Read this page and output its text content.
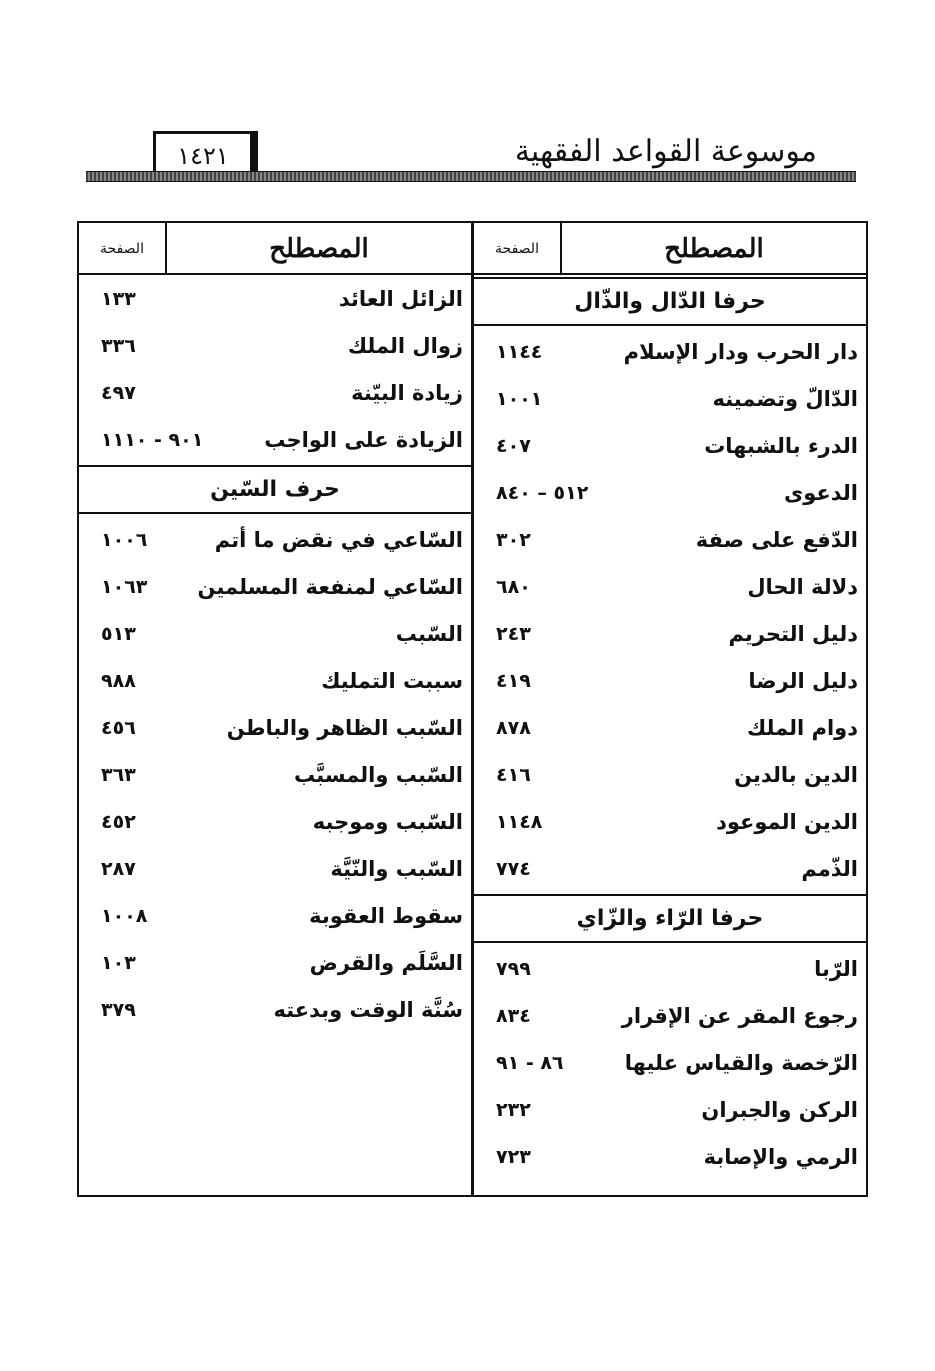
موسوعة القواعد الفقهية
١٤٢١
المصطلح
الصفحة
حرفا الدّال والذّال
دار الحرب ودار الإسلام
١١٤٤
الدّالّ وتضمينه
١٠٠١
الدرء بالشبهات
٤٠٧
الدعوى
٥١٢ – ٨٤٠
الدّفع على صفة
٣٠٢
دلالة الحال
٦٨٠
دليل التحريم
٢٤٣
دليل الرضا
٤١٩
دوام الملك
٨٧٨
الدين بالدين
٤١٦
الدين الموعود
١١٤٨
الذّمم
٧٧٤
حرفا الرّاء والزّاي
الرّبا
٧٩٩
رجوع المقر عن الإقرار
٨٣٤
الرّخصة والقياس عليها
٨٦ - ٩١
الركن والجبران
٢٣٢
الرمي والإصابة
٧٢٣
المصطلح
الصفحة
الزائل العائد
١٣٣
زوال الملك
٣٣٦
زيادة البيّنة
٤٩٧
الزيادة على الواجب
٩٠١ - ١١١٠
حرف السّين
السّاعي في نقض ما أتم
١٠٠٦
السّاعي لمنفعة المسلمين
١٠٦٣
السّبب
٥١٣
سببت التمليك
٩٨٨
السّبب الظاهر والباطن
٤٥٦
السّبب والمسبَّب
٣٦٣
السّبب وموجبه
٤٥٢
السّبب والنّيَّة
٢٨٧
سقوط العقوبة
١٠٠٨
السَّلَم والقرض
١٠٣
سُنَّة الوقت وبدعته
٣٧٩
